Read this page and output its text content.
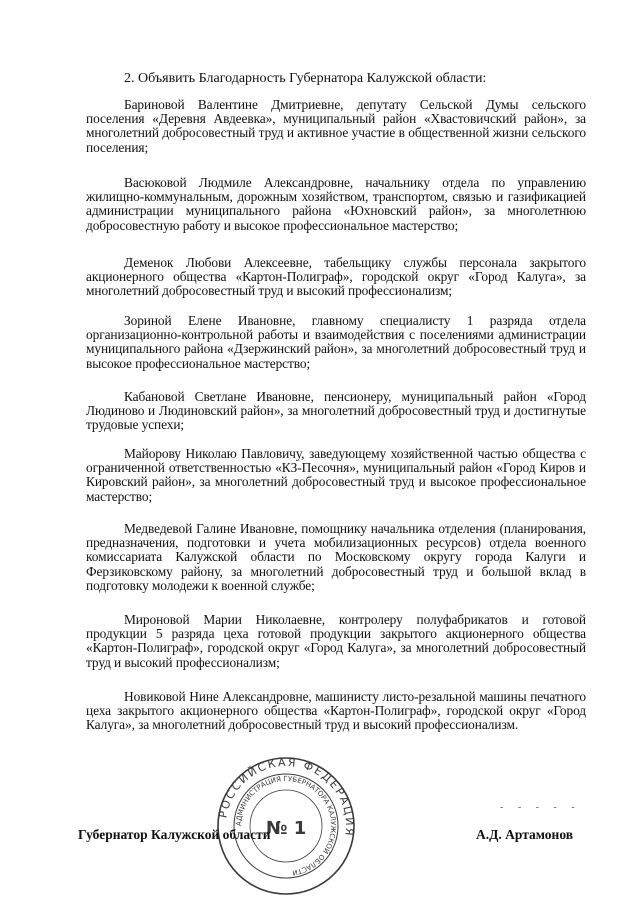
2. Объявить Благодарность Губернатора Калужской области:
Бариновой Валентине Дмитриевне, депутату Сельской Думы сельского поселения «Деревня Авдеевка», муниципальный район «Хвастовичский район», за многолетний добросовестный труд и активное участие в общественной жизни сельского поселения;
Васюковой Людмиле Александровне, начальнику отдела по управлению жилищно-коммунальным, дорожным хозяйством, транспортом, связью и газификацией администрации муниципального района «Юхновский район», за многолетнюю добросовестную работу и высокое профессиональное мастерство;
Деменок Любови Алексеевне, табельщику службы персонала закрытого акционерного общества «Картон-Полиграф», городской округ «Город Калуга», за многолетний добросовестный труд и высокий профессионализм;
Зориной Елене Ивановне, главному специалисту 1 разряда отдела организационно-контрольной работы и взаимодействия с поселениями администрации муниципального района «Дзержинский район», за многолетний добросовестный труд и высокое профессиональное мастерство;
Кабановой Светлане Ивановне, пенсионеру, муниципальный район «Город Людиново и Людиновский район», за многолетний добросовестный труд и достигнутые трудовые успехи;
Майорову Николаю Павловичу, заведующему хозяйственной частью общества с ограниченной ответственностью «КЗ-Песочня», муниципальный район «Город Киров и Кировский район», за многолетний добросовестный труд и высокое профессиональное мастерство;
Медведевой Галине Ивановне, помощнику начальника отделения (планирования, предназначения, подготовки и учета мобилизационных ресурсов) отдела военного комиссариата Калужской области по Московскому округу города Калуги и Ферзиковскому району, за многолетний добросовестный труд и большой вклад в подготовку молодежи к военной службе;
Мироновой Марии Николаевне, контролеру полуфабрикатов и готовой продукции 5 разряда цеха готовой продукции закрытого акционерного общества «Картон-Полиграф», городской округ «Город Калуга», за многолетний добросовестный труд и высокий профессионализм;
Новиковой Нине Александровне, машинисту листо-резальной машины печатного цеха закрытого акционерного общества «Картон-Полиграф», городской округ «Город Калуга», за многолетний добросовестный труд и высокий профессионализм.
- - - - -
РОССИЙСКАЯ ФЕДЕРАЦИЯ
АДМИНИСТРАЦИЯ ГУБЕРНАТОРА КАЛУЖСКОЙ ОБЛАСТИ
№ 1
Губернатор Калужской области	А.Д. Артамонов
